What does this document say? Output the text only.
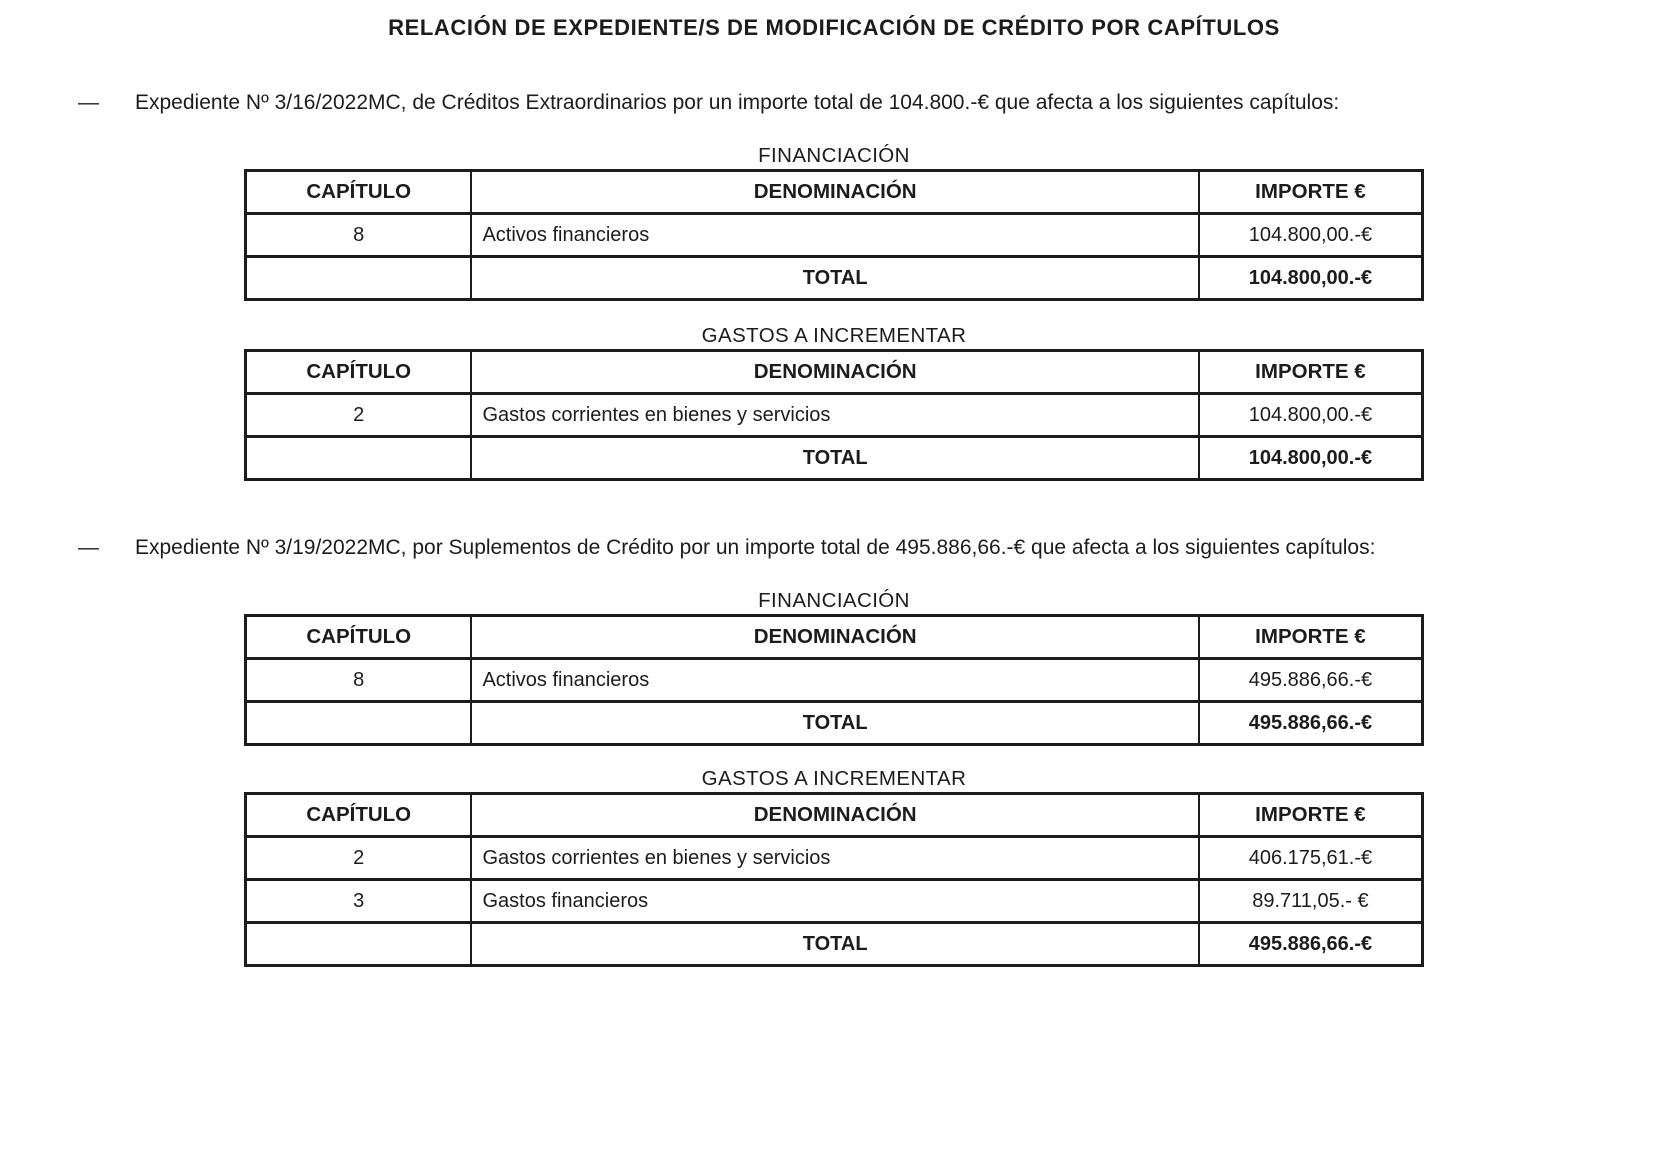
RELACIÓN DE EXPEDIENTE/S DE MODIFICACIÓN DE CRÉDITO POR CAPÍTULOS
—	Expediente Nº 3/16/2022MC, de Créditos Extraordinarios por un importe total de 104.800.-€ que afecta a los siguientes capítulos:
FINANCIACIÓN
CAPÍTULO	DENOMINACIÓN	IMPORTE €
8	Activos financieros	104.800,00.-€
	TOTAL	104.800,00.-€
GASTOS A INCREMENTAR
CAPÍTULO	DENOMINACIÓN	IMPORTE €
2	Gastos corrientes en bienes y servicios	104.800,00.-€
	TOTAL	104.800,00.-€
—	Expediente Nº 3/19/2022MC, por Suplementos de Crédito por un importe total de 495.886,66.-€ que afecta a los siguientes capítulos:
FINANCIACIÓN
CAPÍTULO	DENOMINACIÓN	IMPORTE €
8	Activos financieros	495.886,66.-€
	TOTAL	495.886,66.-€
GASTOS A INCREMENTAR
CAPÍTULO	DENOMINACIÓN	IMPORTE €
2	Gastos corrientes en bienes y servicios	406.175,61.-€
3	Gastos financieros	89.711,05.- €
	TOTAL	495.886,66.-€
